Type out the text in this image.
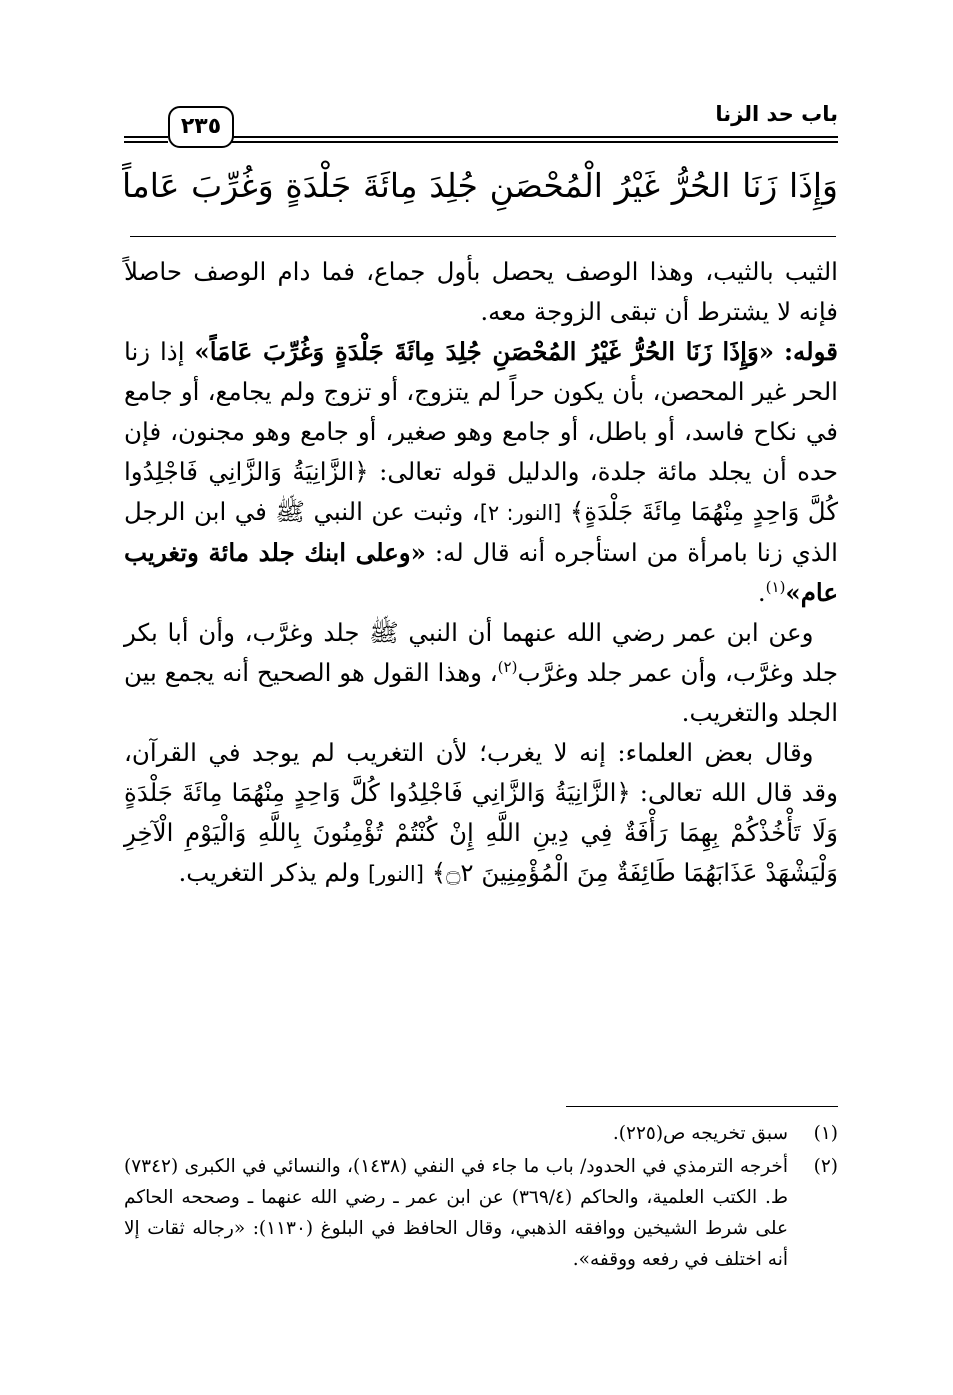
باب حد الزنا
٢٣٥
وَإِذَا زَنَا الحُرُّ غَيْرُ الْمُحْصَنِ جُلِدَ مِائَةَ جَلْدَةٍ وَغُرِّبَ عَاماً

الثيب بالثيب، وهذا الوصف يحصل بأول جماع، فما دام الوصف حاصلاً فإنه لا يشترط أن تبقى الزوجة معه.

قوله: «وَإِذَا زَنَا الحُرُّ غَيْرُ المُحْصَنِ جُلِدَ مِائَةَ جَلْدَةٍ وَغُرِّبَ عَامَاً» إذا زنا الحر غير المحصن، بأن يكون حراً لم يتزوج، أو تزوج ولم يجامع، أو جامع في نكاح فاسد، أو باطل، أو جامع وهو صغير، أو جامع وهو مجنون، فإن حده أن يجلد مائة جلدة، والدليل قوله تعالى: ﴿الزَّانِيَةُ وَالزَّانِي فَاجْلِدُوا كُلَّ وَاحِدٍ مِنْهُمَا مِائَةَ جَلْدَةٍ﴾ [النور: ٢]، وثبت عن النبي ﷺ في ابن الرجل الذي زنا بامرأة من استأجره أنه قال له: «وعلى ابنك جلد مائة وتغريب عام»$^{(١)}$.

 وعن ابن عمر رضي الله عنهما أن النبي ﷺ جلد وغرَّب، وأن أبا بكر جلد وغرَّب، وأن عمر جلد وغرَّب$^{(٢)}$، وهذا القول هو الصحيح أنه يجمع بين الجلد والتغريب.

 وقال بعض العلماء: إنه لا يغرب؛ لأن التغريب لم يوجد في القرآن، وقد قال الله تعالى: ﴿الزَّانِيَةُ وَالزَّانِي فَاجْلِدُوا كُلَّ وَاحِدٍ مِنْهُمَا مِائَةَ جَلْدَةٍ وَلَا تَأْخُذْكُمْ بِهِمَا رَأْفَةٌ فِي دِينِ اللَّهِ إِنْ كُنْتُمْ تُؤْمِنُونَ بِاللَّهِ وَالْيَوْمِ الْآخِرِ وَلْيَشْهَدْ عَذَابَهُمَا طَائِفَةٌ مِنَ الْمُؤْمِنِينَ ۝٢﴾ [النور] ولم يذكر التغريب.

(١)
سبق تخريجه ص(٢٢٥).
(٢)
أخرجه الترمذي في الحدود/ باب ما جاء في النفي (١٤٣٨)، والنسائي في الكبرى (٧٣٤٢) ط. الكتب العلمية، والحاكم (٣٦٩/٤) عن ابن عمر ـ رضي الله عنهما ـ وصححه الحاكم على شرط الشيخين ووافقه الذهبي، وقال الحافظ في البلوغ (١١٣٠): «رجاله ثقات إلا أنه اختلف في رفعه ووقفه».
